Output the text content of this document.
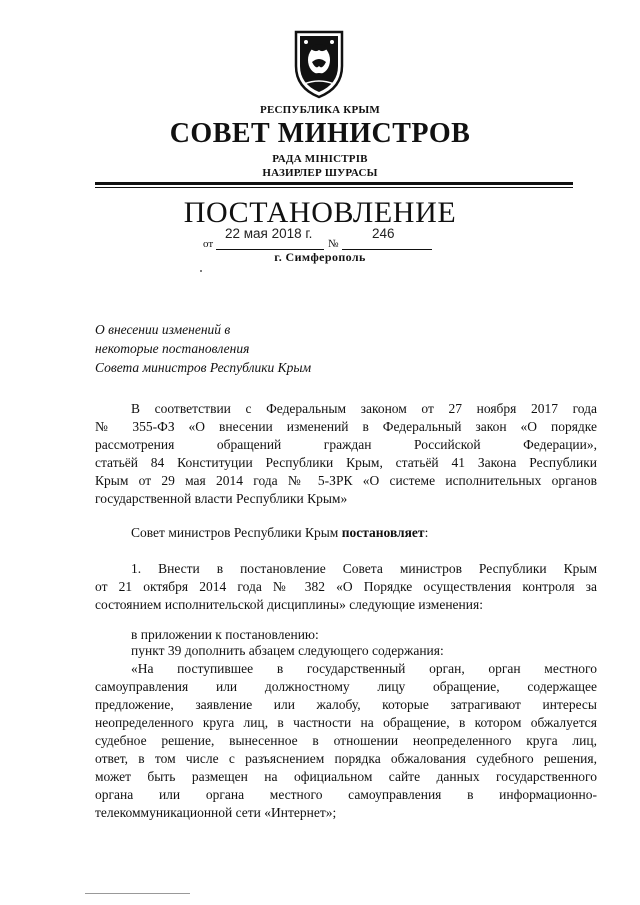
РЕСПУБЛИКА КРЫМ
СОВЕТ МИНИСТРОВ
РАДА МІНІСТРІВ
НАЗИРЛЕР ШУРАСЫ
ПОСТАНОВЛЕНИЕ
от
22 мая 2018 г.
№
246
г. Симферополь
О внесении изменений в
некоторые постановления
Совета министров Республики Крым
В соответствии с Федеральным законом от 27 ноября 2017 года
№ 355-ФЗ «О внесении изменений в Федеральный закон «О порядке
рассмотрения обращений граждан Российской Федерации»,
статьёй 84 Конституции Республики Крым, статьёй 41 Закона Республики
Крым от 29 мая 2014 года № 5-ЗРК «О системе исполнительных органов
государственной власти Республики Крым»
Совет министров Республики Крым постановляет:
1. Внести в постановление Совета министров Республики Крым
от 21 октября 2014 года № 382 «О Порядке осуществления контроля за
состоянием исполнительской дисциплины» следующие изменения:
в приложении к постановлению:
пункт 39 дополнить абзацем следующего содержания:
«На поступившее в государственный орган, орган местного
самоуправления или должностному лицу обращение, содержащее
предложение, заявление или жалобу, которые затрагивают интересы
неопределенного круга лиц, в частности на обращение, в котором обжалуется
судебное решение, вынесенное в отношении неопределенного круга лиц,
ответ, в том числе с разъяснением порядка обжалования судебного решения,
может быть размещен на официальном сайте данных государственного
органа или органа местного самоуправления в информационно-
телекоммуникационной сети «Интернет»;
